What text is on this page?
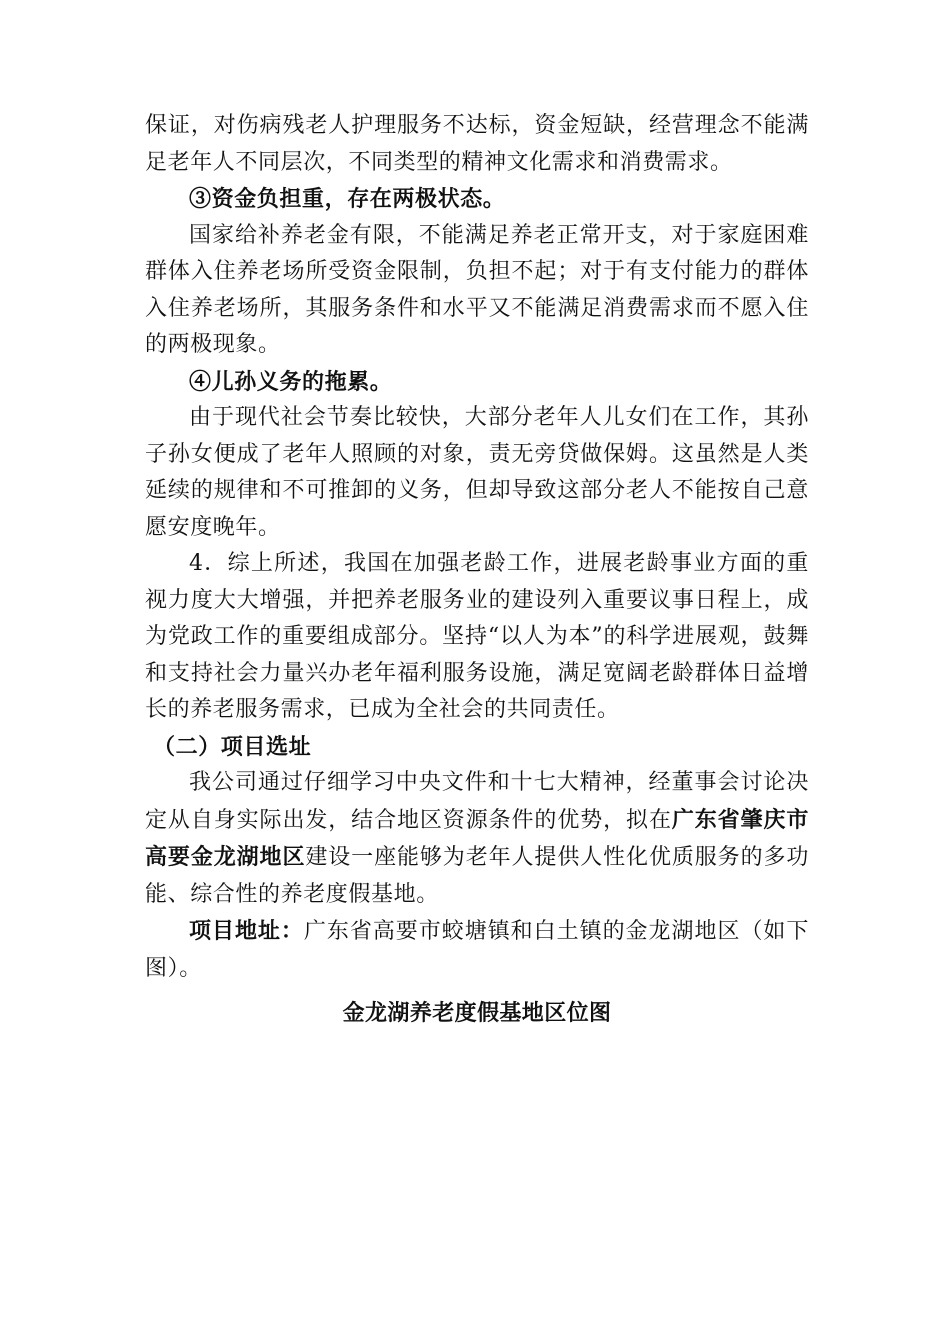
保证，对伤病残老人护理服务不达标，资金短缺，经营理念不能满足老年人不同层次，不同类型的精神文化需求和消费需求。

③资金负担重，存在两极状态。

国家给补养老金有限，不能满足养老正常开支，对于家庭困难群体入住养老场所受资金限制，负担不起；对于有支付能力的群体入住养老场所，其服务条件和水平又不能满足消费需求而不愿入住的两极现象。

④儿孙义务的拖累。

由于现代社会节奏比较快，大部分老年人儿女们在工作，其孙子孙女便成了老年人照顾的对象，责无旁贷做保姆。这虽然是人类延续的规律和不可推卸的义务，但却导致这部分老人不能按自己意愿安度晚年。

4．综上所述，我国在加强老龄工作，进展老龄事业方面的重视力度大大增强，并把养老服务业的建设列入重要议事日程上，成为党政工作的重要组成部分。坚持“以人为本”的科学进展观，鼓舞和支持社会力量兴办老年福利服务设施，满足宽阔老龄群体日益增长的养老服务需求，已成为全社会的共同责任。

（二）项目选址

我公司通过仔细学习中央文件和十七大精神，经董事会讨论决定从自身实际出发，结合地区资源条件的优势，拟在广东省肇庆市高要金龙湖地区建设一座能够为老年人提供人性化优质服务的多功能、综合性的养老度假基地。

项目地址：广东省高要市蛟塘镇和白土镇的金龙湖地区（如下图）。

金龙湖养老度假基地区位图
